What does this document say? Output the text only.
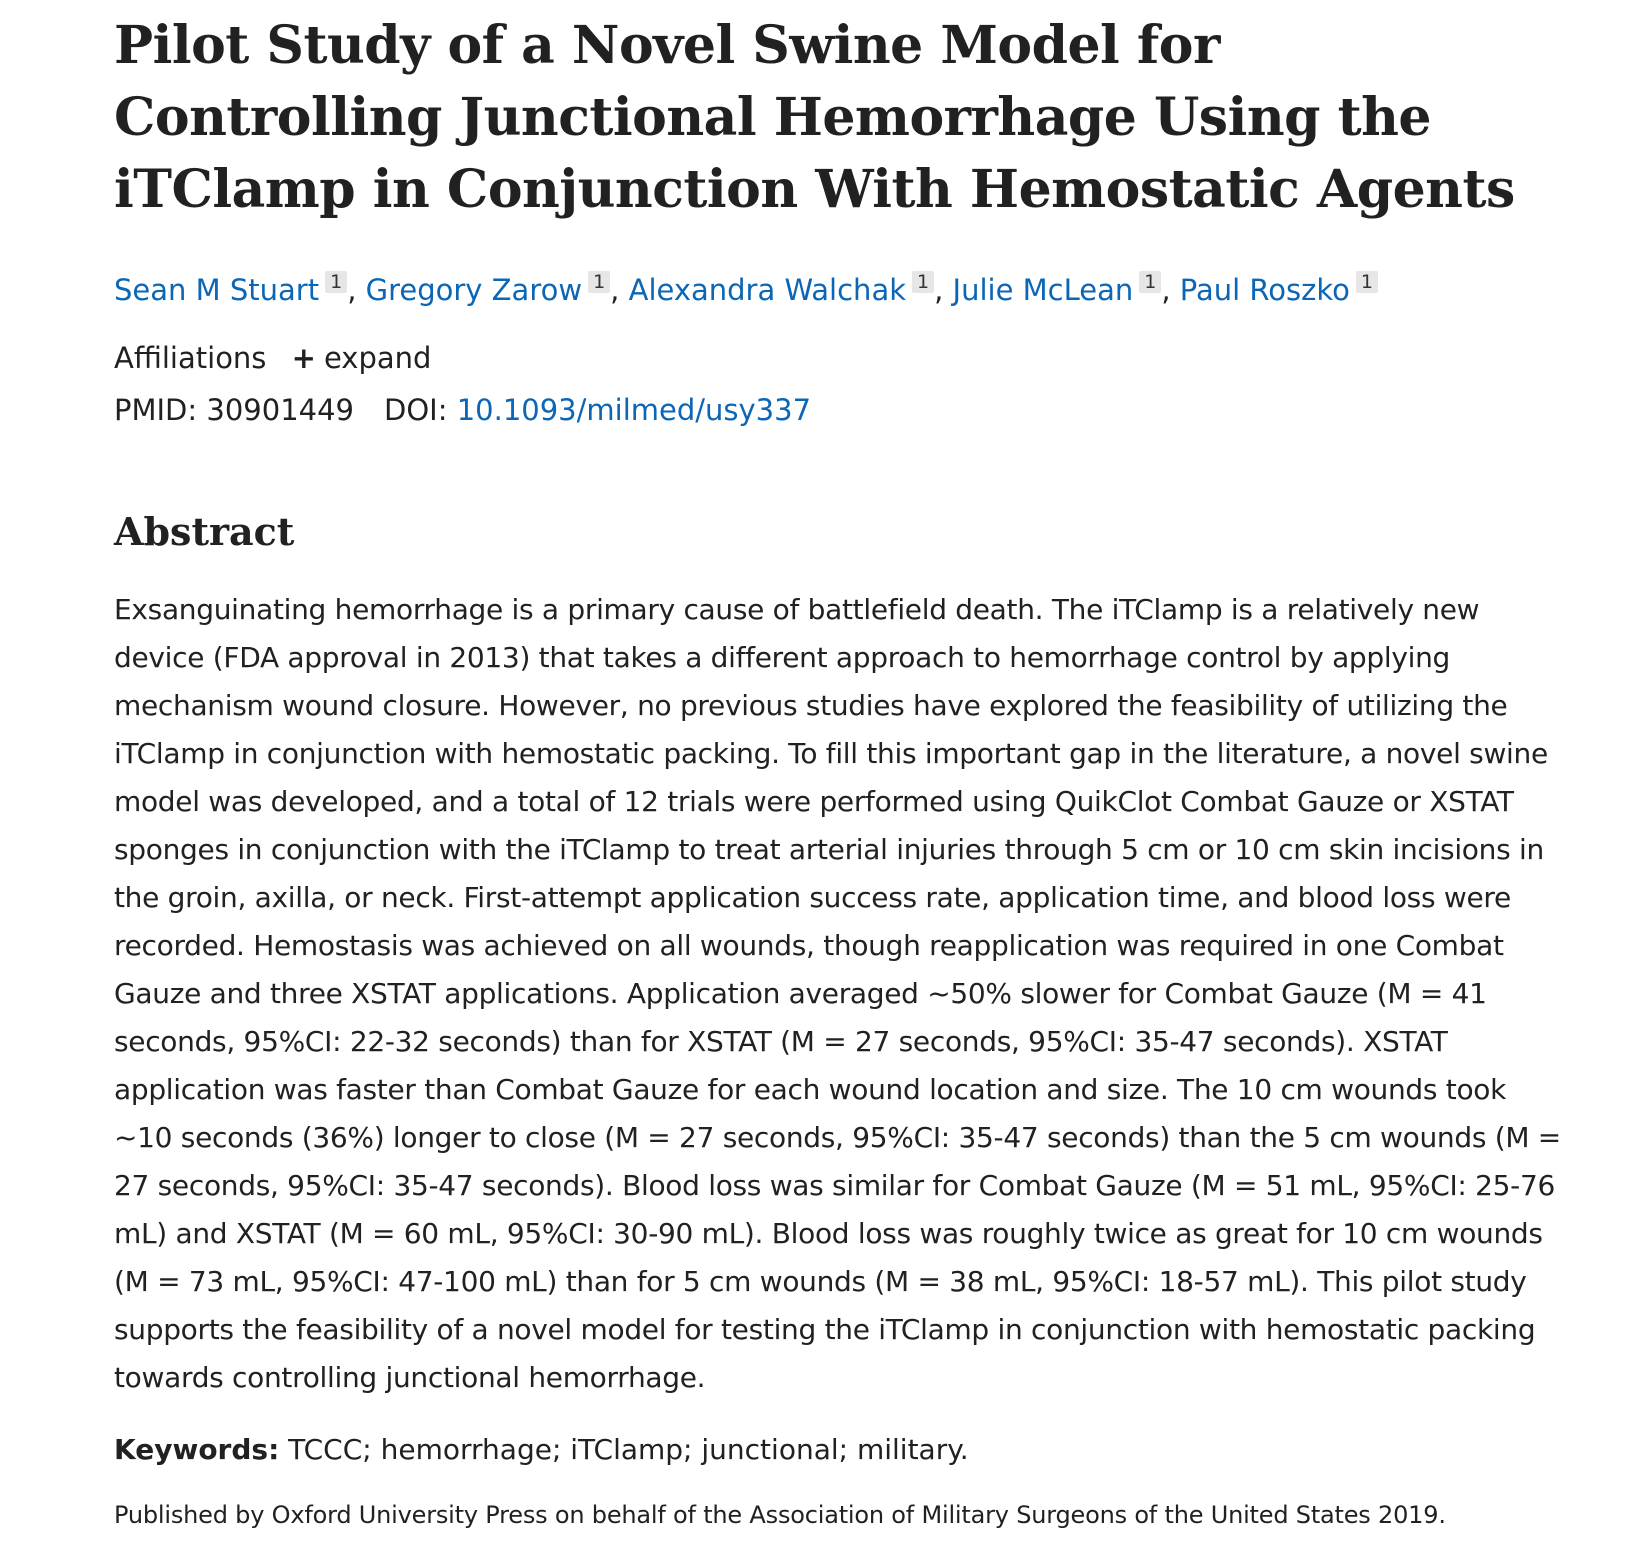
Pilot Study of a Novel Swine Model for Controlling Junctional Hemorrhage Using the iTClamp in Conjunction With Hemostatic Agents
Sean M Stuart 1 , Gregory Zarow 1 , Alexandra Walchak 1 , Julie McLean 1 , Paul Roszko 1
Affiliations + expand
PMID: 30901449 DOI: 10.1093/milmed/usy337
Abstract

Exsanguinating hemorrhage is a primary cause of battlefield death. The iTClamp is a relatively new device (FDA approval in 2013) that takes a different approach to hemorrhage control by applying mechanism wound closure. However, no previous studies have explored the feasibility of utilizing the iTClamp in conjunction with hemostatic packing. To fill this important gap in the literature, a novel swine model was developed, and a total of 12 trials were performed using QuikClot Combat Gauze or XSTAT sponges in conjunction with the iTClamp to treat arterial injuries through 5 cm or 10 cm skin incisions in the groin, axilla, or neck. First-attempt application success rate, application time, and blood loss were recorded. Hemostasis was achieved on all wounds, though reapplication was required in one Combat Gauze and three XSTAT applications. Application averaged ~50% slower for Combat Gauze (M = 41 seconds, 95%CI: 22-32 seconds) than for XSTAT (M = 27 seconds, 95%CI: 35-47 seconds). XSTAT application was faster than Combat Gauze for each wound location and size. The 10 cm wounds took ~10 seconds (36%) longer to close (M = 27 seconds, 95%CI: 35-47 seconds) than the 5 cm wounds (M = 27 seconds, 95%CI: 35-47 seconds). Blood loss was similar for Combat Gauze (M = 51 mL, 95%CI: 25-76 mL) and XSTAT (M = 60 mL, 95%CI: 30-90 mL). Blood loss was roughly twice as great for 10 cm wounds (M = 73 mL, 95%CI: 47-100 mL) than for 5 cm wounds (M = 38 mL, 95%CI: 18-57 mL). This pilot study supports the feasibility of a novel model for testing the iTClamp in conjunction with hemostatic packing towards controlling junctional hemorrhage.

Keywords: TCCC; hemorrhage; iTClamp; junctional; military.
Published by Oxford University Press on behalf of the Association of Military Surgeons of the United States 2019.
